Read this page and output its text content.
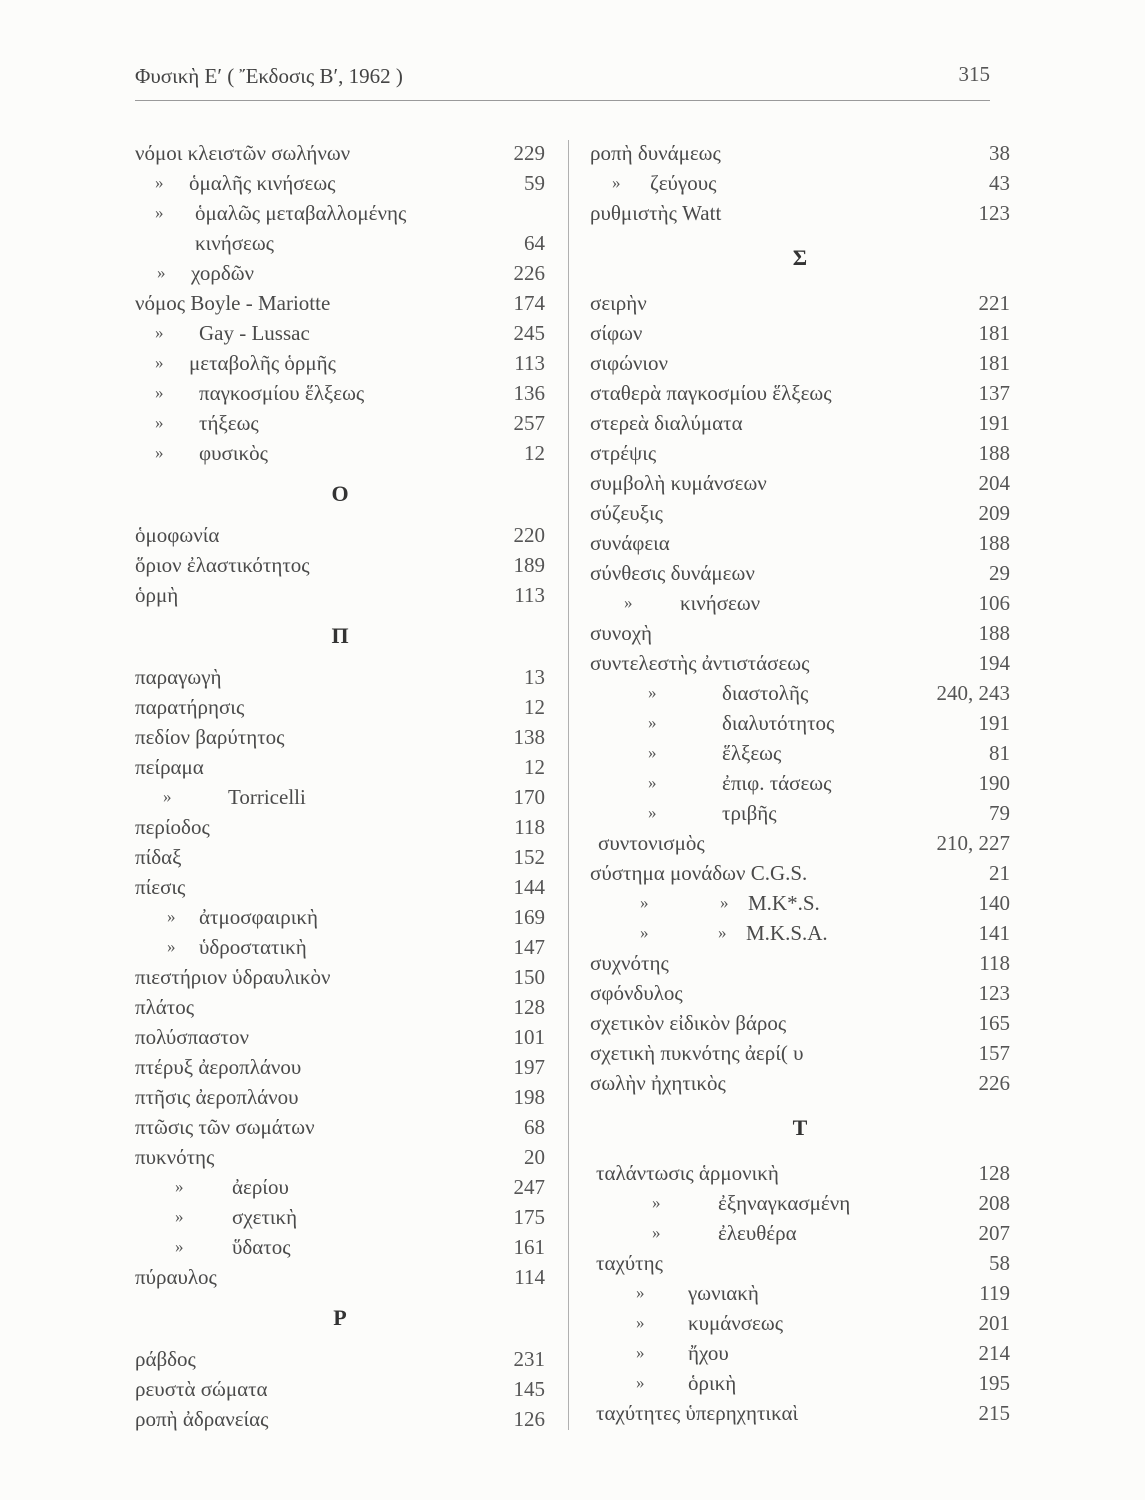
Φυσικὴ Ε′ ( Ἔκδοσις Β′, 1962 )	315
νόμοι κλειστῶν σωλήνων	229
» ὁμαλῆς κινήσεως	59
» ὁμαλῶς μεταβαλλομένης
κινήσεως	64
» χορδῶν	226
νόμος Boyle - Mariotte	174
» Gay - Lussac	245
» μεταβολῆς ὁρμῆς	113
» παγκοσμίου ἕλξεως	136
» τήξεως	257
» φυσικὸς	12
Ο
ὁμοφωνία	220
ὅριον ἐλαστικότητος	189
ὁρμὴ	113
Π
παραγωγὴ	13
παρατήρησις	12
πεδίον βαρύτητος	138
πείραμα	12
»	Torricelli	170
περίοδος	118
πίδαξ	152
πίεσις	144
» ἀτμοσφαιρικὴ	169
» ὑδροστατικὴ	147
πιεστήριον ὑδραυλικὸν	150
πλάτος	128
πολύσπαστον	101
πτέρυξ ἀεροπλάνου	197
πτῆσις ἀεροπλάνου	198
πτῶσις τῶν σωμάτων	68
πυκνότης	20
» ἀερίου	247
» σχετικὴ	175
» ὕδατος	161
πύραυλος	114
Ρ
ράβδος	231
ρευστὰ σώματα	145
ροπὴ ἀδρανείας	126
ροπὴ δυνάμεως	38
» ζεύγους	43
ρυθμιστὴς Watt	123
Σ
σειρὴν	221
σίφων	181
σιφώνιον	181
σταθερὰ παγκοσμίου ἕλξεως	137
στερεὰ διαλύματα	191
στρέψις	188
συμβολὴ κυμάνσεων	204
σύζευξις	209
συνάφεια	188
σύνθεσις δυνάμεων	29
» κινήσεων	106
συνοχὴ	188
συντελεστὴς ἀντιστάσεως	194
»	διαστολῆς	240, 243
»	διαλυτότητος	191
»	ἕλξεως	81
»	ἐπιφ. τάσεως	190
»	τριβῆς	79
συντονισμὸς	210, 227
σύστημα μονάδων C.G.S.	21
»	» M.K*.S.	140
»	» M.K.S.A.	141
συχνότης	118
σφόνδυλος	123
σχετικὸν εἰδικὸν βάρος	165
σχετικὴ πυκνότης ἀερί( υ	157
σωλὴν ἠχητικὸς	226
Τ
ταλάντωσις ἁρμονικὴ	128
»	ἐξηναγκασμένη	208
»	ἐλευθέρα	207
ταχύτης	58
» γωνιακὴ	119
» κυμάνσεως	201
» ἤχου	214
» ὁρικὴ	195
ταχύτητες ὑπερηχητικαὶ	215
